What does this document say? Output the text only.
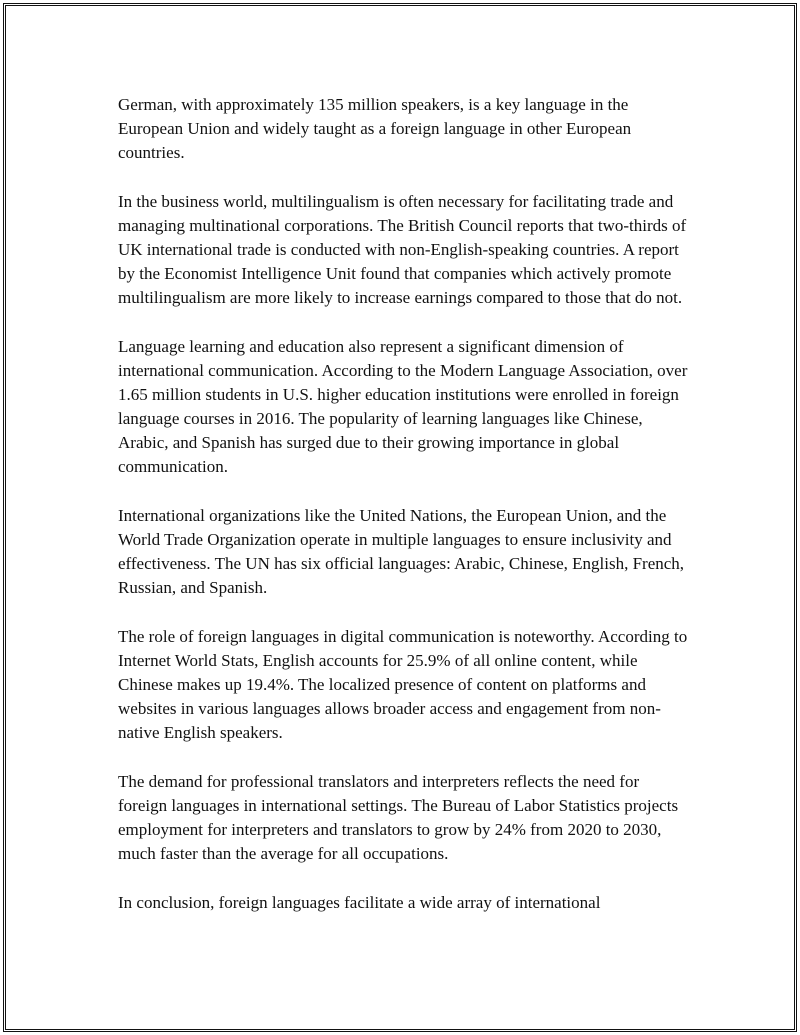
German, with approximately 135 million speakers, is a key language in the European Union and widely taught as a foreign language in other European countries.

In the business world, multilingualism is often necessary for facilitating trade and managing multinational corporations. The British Council reports that two-thirds of UK international trade is conducted with non-English-speaking countries. A report by the Economist Intelligence Unit found that companies which actively promote multilingualism are more likely to increase earnings compared to those that do not.

Language learning and education also represent a significant dimension of international communication. According to the Modern Language Association, over 1.65 million students in U.S. higher education institutions were enrolled in foreign language courses in 2016. The popularity of learning languages like Chinese, Arabic, and Spanish has surged due to their growing importance in global communication.

International organizations like the United Nations, the European Union, and the World Trade Organization operate in multiple languages to ensure inclusivity and effectiveness. The UN has six official languages: Arabic, Chinese, English, French, Russian, and Spanish.

The role of foreign languages in digital communication is noteworthy. According to Internet World Stats, English accounts for 25.9% of all online content, while Chinese makes up 19.4%. The localized presence of content on platforms and websites in various languages allows broader access and engagement from non-native English speakers.

The demand for professional translators and interpreters reflects the need for foreign languages in international settings. The Bureau of Labor Statistics projects employment for interpreters and translators to grow by 24% from 2020 to 2030, much faster than the average for all occupations.

In conclusion, foreign languages facilitate a wide array of international
